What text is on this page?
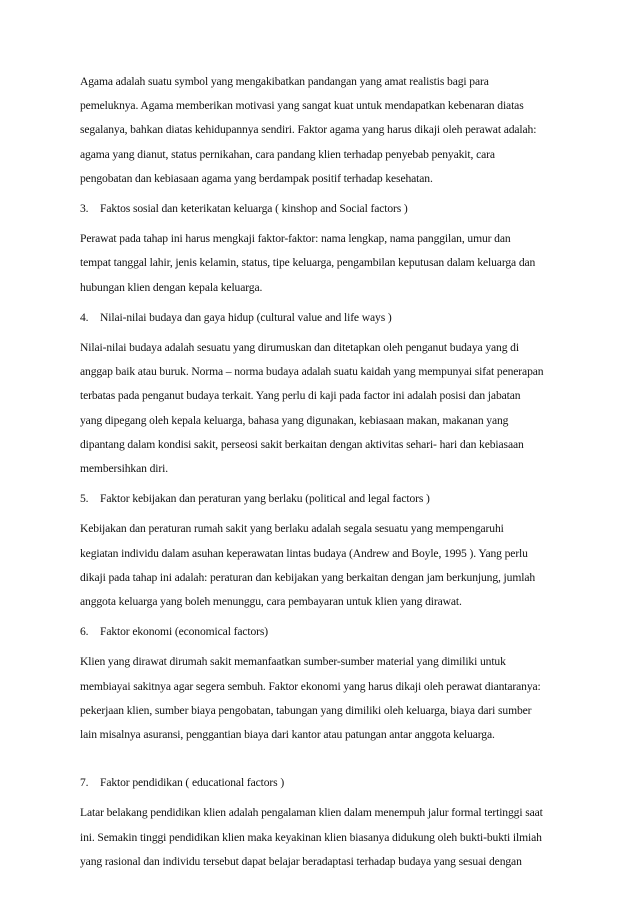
Agama adalah suatu symbol yang mengakibatkan pandangan yang amat realistis bagi para
pemeluknya. Agama memberikan motivasi yang sangat kuat untuk mendapatkan kebenaran diatas
segalanya, bahkan diatas kehidupannya sendiri. Faktor agama yang harus dikaji oleh perawat adalah:
agama yang dianut, status pernikahan, cara pandang klien terhadap penyebab penyakit, cara
pengobatan dan kebiasaan agama yang berdampak positif terhadap kesehatan.
3. Faktos sosial dan keterikatan keluarga ( kinshop and Social factors )
Perawat pada tahap ini harus mengkaji faktor-faktor: nama lengkap, nama panggilan, umur dan
tempat tanggal lahir, jenis kelamin, status, tipe keluarga, pengambilan keputusan dalam keluarga dan
hubungan klien dengan kepala keluarga.
4. Nilai-nilai budaya dan gaya hidup (cultural value and life ways )
Nilai-nilai budaya adalah sesuatu yang dirumuskan dan ditetapkan oleh penganut budaya yang di
anggap baik atau buruk. Norma – norma budaya adalah suatu kaidah yang mempunyai sifat penerapan
terbatas pada penganut budaya terkait. Yang perlu di kaji pada factor ini adalah posisi dan jabatan
yang dipegang oleh kepala keluarga, bahasa yang digunakan, kebiasaan makan, makanan yang
dipantang dalam kondisi sakit, perseosi sakit berkaitan dengan aktivitas sehari- hari dan kebiasaan
membersihkan diri.
5. Faktor kebijakan dan peraturan yang berlaku (political and legal factors )
Kebijakan dan peraturan rumah sakit yang berlaku adalah segala sesuatu yang mempengaruhi
kegiatan individu dalam asuhan keperawatan lintas budaya (Andrew and Boyle, 1995 ). Yang perlu
dikaji pada tahap ini adalah: peraturan dan kebijakan yang berkaitan dengan jam berkunjung, jumlah
anggota keluarga yang boleh menunggu, cara pembayaran untuk klien yang dirawat.
6. Faktor ekonomi (economical factors)
Klien yang dirawat dirumah sakit memanfaatkan sumber-sumber material yang dimiliki untuk
membiayai sakitnya agar segera sembuh. Faktor ekonomi yang harus dikaji oleh perawat diantaranya:
pekerjaan klien, sumber biaya pengobatan, tabungan yang dimiliki oleh keluarga, biaya dari sumber
lain misalnya asuransi, penggantian biaya dari kantor atau patungan antar anggota keluarga.
7. Faktor pendidikan ( educational factors )
Latar belakang pendidikan klien adalah pengalaman klien dalam menempuh jalur formal tertinggi saat
ini. Semakin tinggi pendidikan klien maka keyakinan klien biasanya didukung oleh bukti-bukti ilmiah
yang rasional dan individu tersebut dapat belajar beradaptasi terhadap budaya yang sesuai dengan
